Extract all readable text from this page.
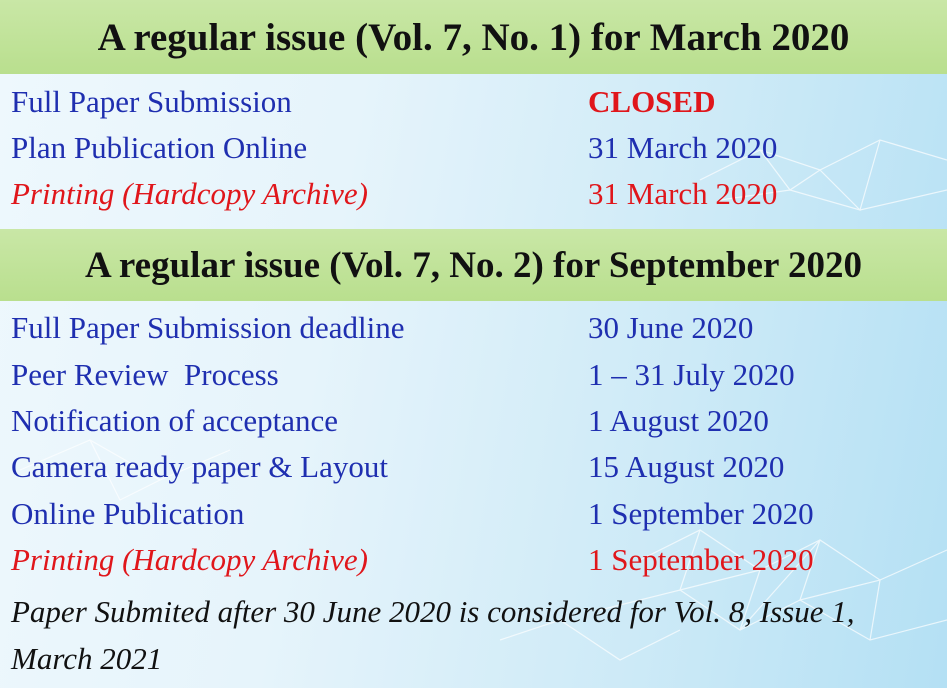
A regular issue (Vol. 7, No. 1) for March 2020
Full Paper Submission	CLOSED
Plan Publication Online	31 March 2020
Printing (Hardcopy Archive)	31 March 2020
A regular issue (Vol. 7, No. 2) for September 2020
Full Paper Submission deadline	30 June 2020
Peer Review  Process	1 – 31 July 2020
Notification of acceptance	1 August 2020
Camera ready paper & Layout	15 August 2020
Online Publication	1 September 2020
Printing (Hardcopy Archive)	1 September 2020
Paper Submited after 30 June 2020 is considered for Vol. 8, Issue 1, March 2021
